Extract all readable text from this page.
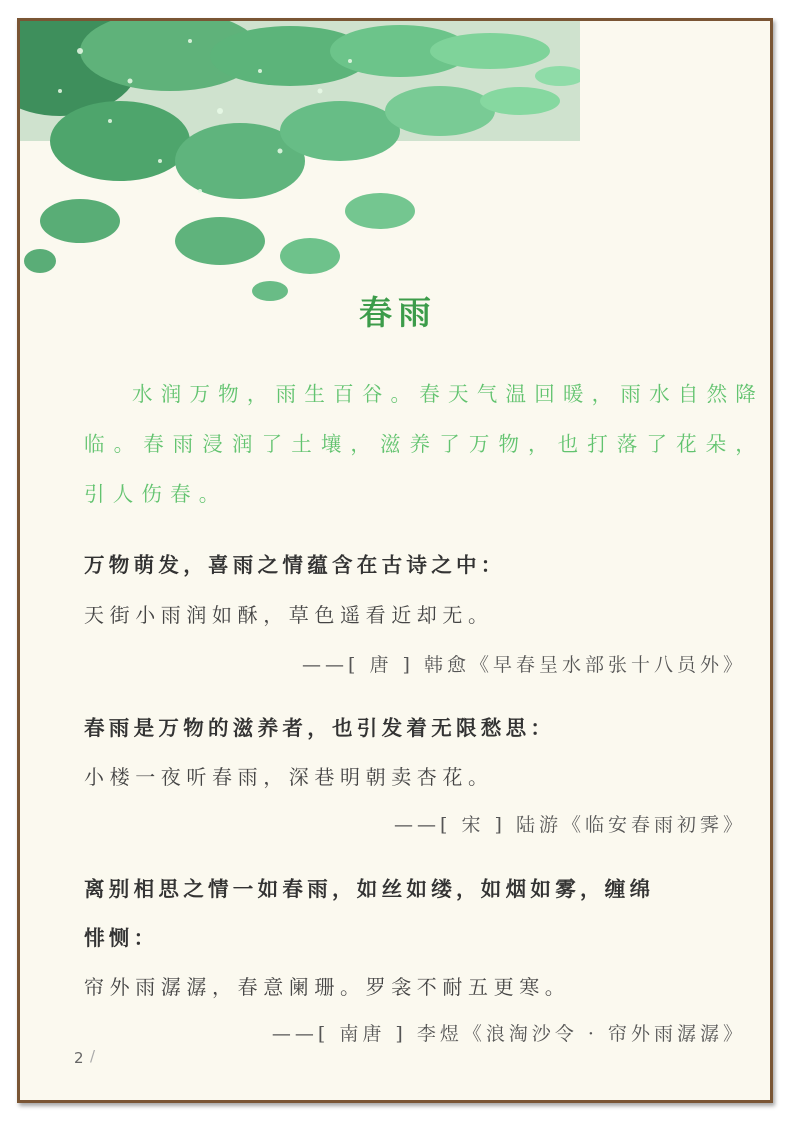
春雨
水润万物，雨生百谷。春天气温回暖，雨水自然降临。春雨浸润了土壤，滋养了万物，也打落了花朵，引人伤春。
万物萌发，喜雨之情蕴含在古诗之中：
天街小雨润如酥，草色遥看近却无。
——[ 唐 ] 韩愈《早春呈水部张十八员外》
春雨是万物的滋养者，也引发着无限愁思：
小楼一夜听春雨，深巷明朝卖杏花。
——[ 宋 ] 陆游《临安春雨初霁》
离别相思之情一如春雨，如丝如缕，如烟如雾，缠绵
悱恻：
帘外雨潺潺，春意阑珊。罗衾不耐五更寒。
——[ 南唐 ] 李煜《浪淘沙令 · 帘外雨潺潺》
2 /
